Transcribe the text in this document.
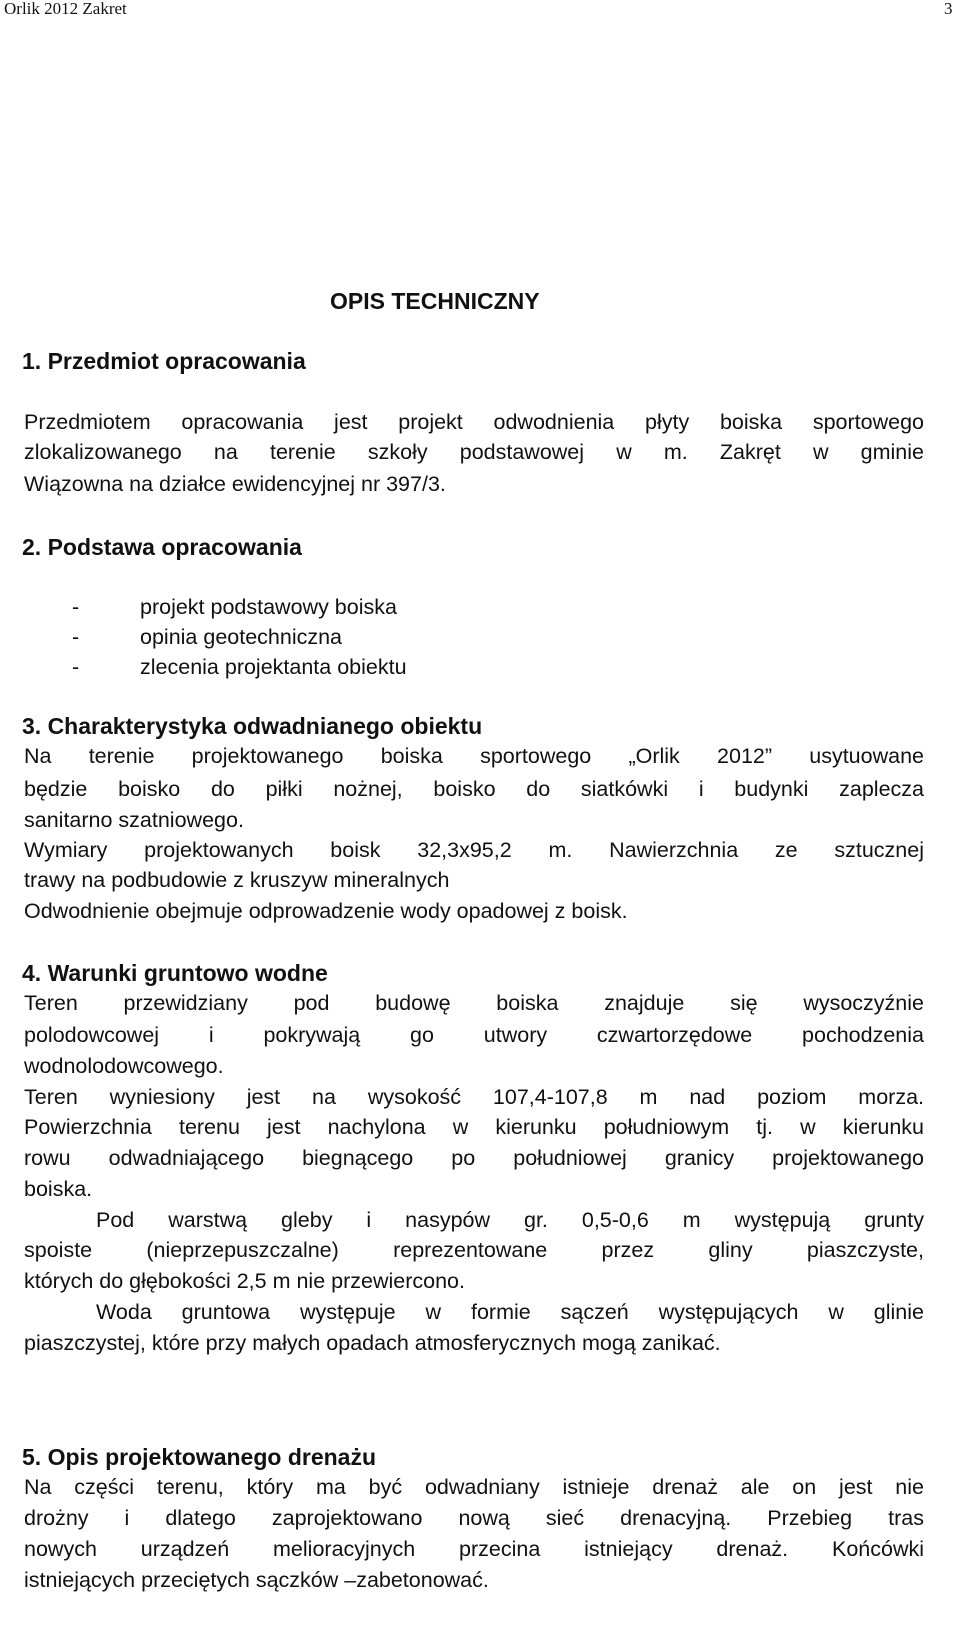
Orlik 2012 Zakret	3
OPIS TECHNICZNY
1. Przedmiot opracowania
Przedmiotem opracowania jest projekt odwodnienia płyty boiska sportowego
zlokalizowanego na terenie szkoły podstawowej w m. Zakręt w gminie
Wiązowna na działce ewidencyjnej nr 397/3.
2. Podstawa opracowania
-	projekt podstawowy boiska
-	opinia geotechniczna
-	zlecenia projektanta obiektu
3. Charakterystyka odwadnianego obiektu
Na terenie projektowanego boiska sportowego „Orlik 2012” usytuowane
będzie boisko do piłki nożnej, boisko do siatkówki i budynki zaplecza
sanitarno szatniowego.
Wymiary projektowanych boisk 32,3x95,2 m. Nawierzchnia ze sztucznej
trawy na podbudowie z kruszyw mineralnych
Odwodnienie obejmuje odprowadzenie wody opadowej z boisk.
4. Warunki gruntowo wodne
Teren przewidziany pod budowę boiska znajduje się wysoczyźnie
polodowcowej i pokrywają go utwory czwartorzędowe pochodzenia
wodnolodowcowego.
Teren wyniesiony jest na wysokość 107,4-107,8 m nad poziom morza.
Powierzchnia terenu jest nachylona w kierunku południowym tj. w kierunku
rowu odwadniającego biegnącego po południowej granicy projektowanego
boiska.
Pod warstwą gleby i nasypów gr. 0,5-0,6 m występują grunty
spoiste (nieprzepuszczalne) reprezentowane przez gliny piaszczyste,
których do głębokości 2,5 m nie przewiercono.
Woda gruntowa występuje w formie sączeń występujących w glinie
piaszczystej, które przy małych opadach atmosferycznych mogą zanikać.
5. Opis projektowanego drenażu
Na części terenu, który ma być odwadniany istnieje drenaż ale on jest nie
drożny i dlatego zaprojektowano nową sieć drenacyjną. Przebieg tras
nowych urządzeń melioracyjnych przecina istniejący drenaż. Końcówki
istniejących przeciętych sączków –zabetonować.
